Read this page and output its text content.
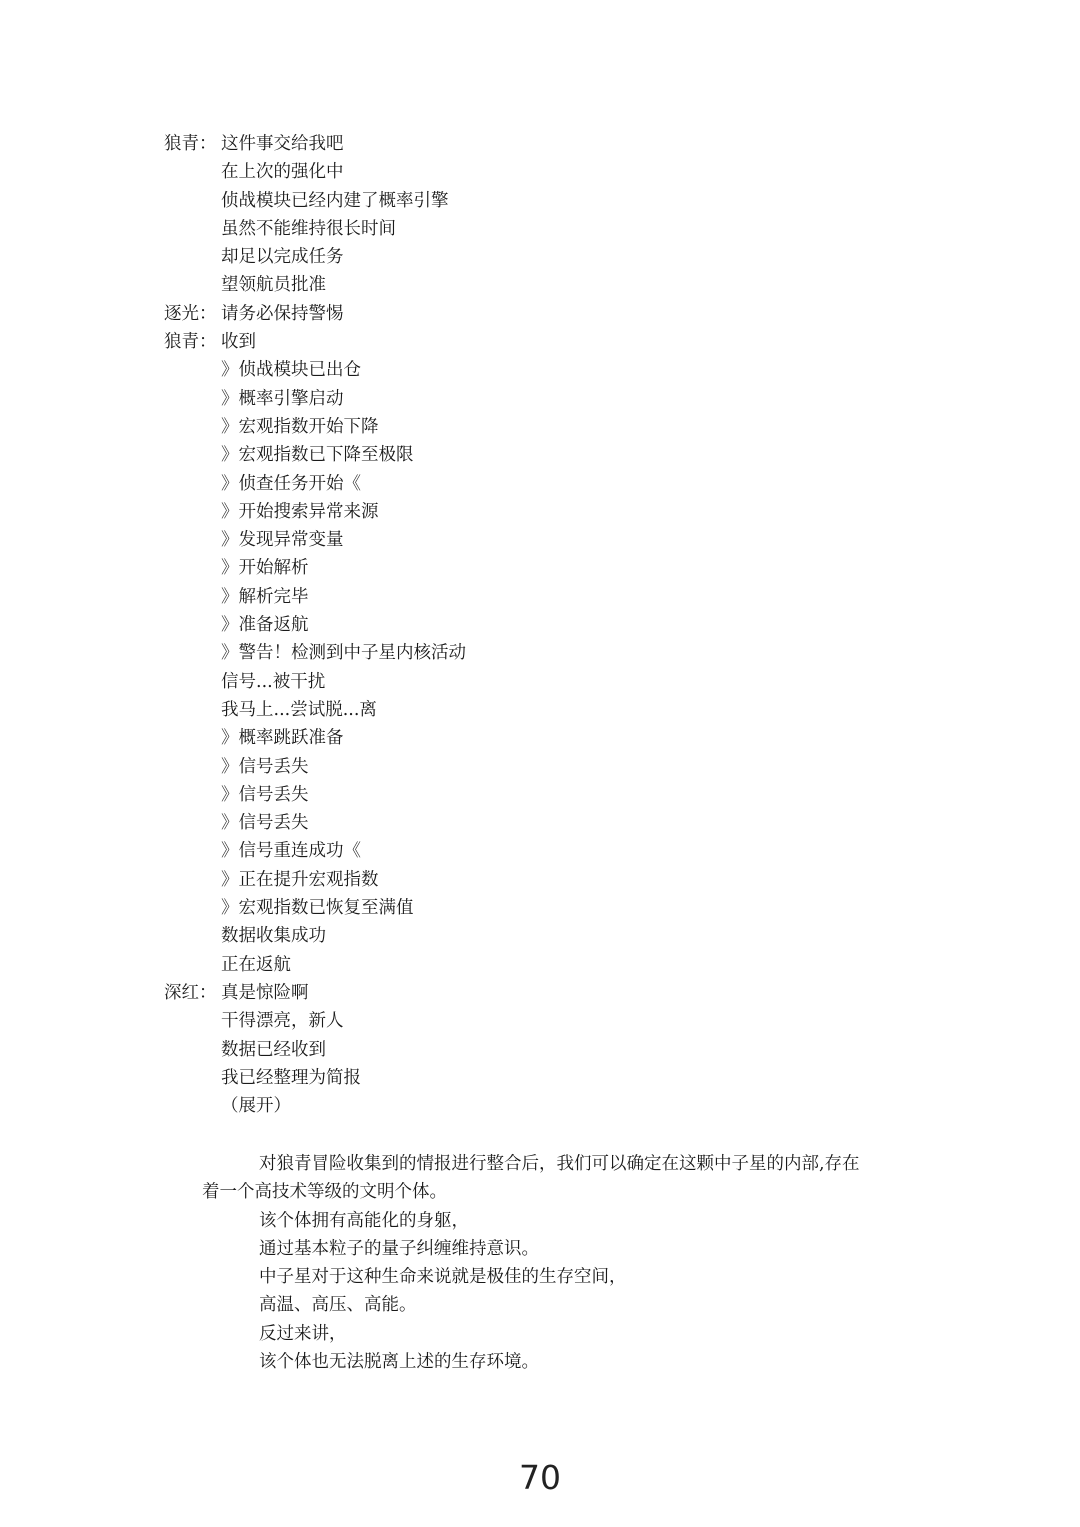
狼青： 这件事交给我吧
在上次的强化中
侦战模块已经内建了概率引擎
虽然不能维持很长时间
却足以完成任务
望领航员批准
逐光： 请务必保持警惕
狼青： 收到
》侦战模块已出仓
》概率引擎启动
》宏观指数开始下降
》宏观指数已下降至极限
》侦查任务开始《
》开始搜索异常来源
》发现异常变量
》开始解析
》解析完毕
》准备返航
》警告！检测到中子星内核活动
信号...被干扰
我马上...尝试脱...离
》概率跳跃准备
》信号丢失
》信号丢失
》信号丢失
》信号重连成功《
》正在提升宏观指数
》宏观指数已恢复至满值
数据收集成功
正在返航
深红： 真是惊险啊
干得漂亮，新人
数据已经收到
我已经整理为简报
（展开）
对狼青冒险收集到的情报进行整合后，我们可以确定在这颗中子星的内部,存在
着一个高技术等级的文明个体。
该个体拥有高能化的身躯，
通过基本粒子的量子纠缠维持意识。
中子星对于这种生命来说就是极佳的生存空间，
高温、高压、高能。
反过来讲，
该个体也无法脱离上述的生存环境。
70
